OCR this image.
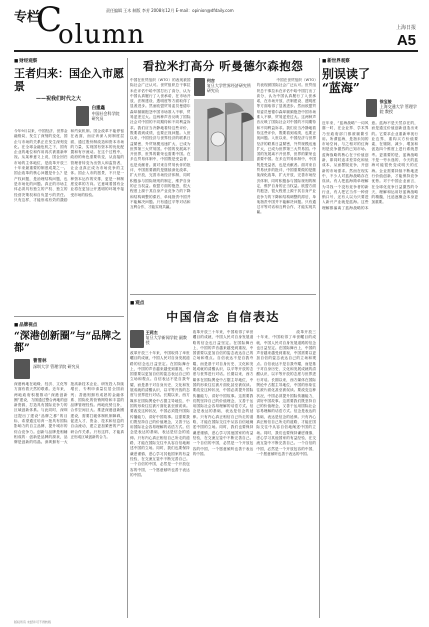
专栏
C
olumn
责任编辑 王木 制版 李芳 2008年12月 E-mail：opinion@dfdaily.com
上海日报
A5
■ 财经观察
王者归来：国企入市愿景
——祝我们时代之大
白重鑫
中国社会科学院 研究员
今年9月以来，中国经济、世界金融格局，发生了深刻的变化，国企与市场的关系正在发生深刻变化。在全球金融危机之下，国有企业的地位和作用再次被重新审视。从某种意义上说，国企回归市场的主体地位，是改革开放三十年来最重要的制度成果之一。国企改革的核心问题是什么？是产权问题，是治理结构问题，也是市场化的问题。真正的市场主体必须具有独立的产权、独立的经营决策权和自负盈亏的责任。只有这样，才能形成有效的激励和约束机制。国企改革不能停留在表面，而应该深入到制度层面，通过股份制改造和资本市场的力量，实现国有资本的优化配置和有序流动。在这个过程中，政府的角色需要转变，从直接的管理者转变为出资人和监管者，让企业真正成为市场竞争的主体。国企入市的愿景，不只是一种资本运作的安排，更是一种制度变革的方向。它意味着国有企业将在更加公开透明的环境中接受市场的检验。
看拉米打高分 听曼德尔森抱怨
中国在世贸组织（WTO）的表现被国际社会广泛认可。世贸组织总干事拉米在评估中给中国打出了高分，认为中国认真履行了入世承诺，在市场开放、法制建设、透明度等方面取得了显著进步。然而欧盟贸易委员曼德尔森却频频抱怨中国市场准入不够，贸易逆差过大。这两种声音反映了国际社会对中国的不同期待和不同利益诉求。我们应当冷静地看待这些评价，既要看到成绩，也要正视问题。入世以来，中国经济与世界经济的联系日益紧密，外贸规模迅速扩大，已成为世界第三大贸易国。中国的发展离不开世界，世界的繁荣也需要中国。在多边贸易体制中，中国既是受益者，也是贡献者。面对来自贸易伙伴的批评，中国需要做的是继续深化改革，扩大开放，完善市场经济体制，同时积极参与国际规则的制定，维护自身的正当权益。欧盟方面的抱怨，很大程度上源于其自身产业竞争力的下降和结构调整的滞后，单纯指责中国并不能解决问题。只有通过平等对话和互利合作，才能实现共赢。
何吉
复旦大学世界经济研究所 研究员
中国在世贸组织（WTO）的表现被国际社会广泛认可。世贸组织总干事拉米在评估中给中国打出了高分，认为中国认真履行了入世承诺，在市场开放、法制建设、透明度等方面取得了显著进步。然而欧盟贸易委员曼德尔森却频频抱怨中国市场准入不够，贸易逆差过大。这两种声音反映了国际社会对中国的不同期待和不同利益诉求。我们应当冷静地看待这些评价，既要看到成绩，也要正视问题。入世以来，中国经济与世界经济的联系日益紧密，外贸规模迅速扩大，已成为世界第三大贸易国。中国的发展离不开世界，世界的繁荣也需要中国。在多边贸易体制中，中国既是受益者，也是贡献者。面对来自贸易伙伴的批评，中国需要做的是继续深化改革，扩大开放，完善市场经济体制，同时积极参与国际规则的制定，维护自身的正当权益。欧盟方面的抱怨，很大程度上源于其自身产业竞争力的下降和结构调整的滞后，单纯指责中国并不能解决问题。只有通过平等对话和互利合作，才能实现共赢。
■ 新世界观察
别误读了
“蓝海”
徐宝骏
上海交通大学 管理学院 教授
近年来，“蓝海战略”一词风靡一时，在企业界、学术界乃至政府部门都被频繁引用。所谓蓝海，是指未知的市场空间，与之相对的红海则是竞争激烈的已知市场。蓝海战略的核心在于价值创新，即同时追求差异化和低成本，从而摆脱竞争，开创新的市场需求。然而在现实中，不少人对蓝海战略存在误读。有人把蓝海简单理解为寻找一个没有竞争者的新行业，有人把它当作一种营销口号，还有人以为只要进入新兴产业就是蓝海。这些理解都偏离了蓝海战略的本意。蓝海不是天然存在的，而是通过价值创新创造出来的。它要求企业重新审视行业边界，重构买方价值要素，在剔除、减少、增加和创造四个维度上进行系统思考。更重要的是，蓝海战略不是一劳永逸的，今天的蓝海可能很快变成明天的红海。企业需要持续不断地进行价值创新，才能保持竞争优势。对于中国企业而言，在全球化竞争日益激烈的今天，理解和运用好蓝海战略的精髓，比追逐概念本身更加重要。
■ 观点
中国信念 自信表达
王莉杰
复旦大学新闻学院 副教授
改革开放三十年来，中国取得了举世瞩目的成就，中国人民对自身发展道路的信念也日益坚定。在国际舞台上，中国的声音越来越受到重视，中国需要以更加自信的姿态表达自己的立场和观点。自信表达不是自我夸耀，而是基于对自身历史、文化和发展成就的清醒认识，以平等开放的态度与世界进行对话。长期以来，西方媒体在国际舆论中占据主导地位，中国的形象往往被片面化甚至被误读。要改变这种状况，中国必须提升国际传播能力，讲好中国故事。这需要我们既坚持自己的价值理念，又善于运用国际社会容易理解的话语方式。信念是表达的基础，表达是信念的延伸。只有内心真正相信自己所走的道路，才能在国际交往中从容自信地阐述中国的立场。同时，我们也要保持谦虚谨慎，虚心学习其他国家的有益经验，在交流互鉴中不断完善自己。一个自信的中国，必然是一个开放包容的中国，一个愿意倾听也善于表达的中国。
改革开放三十年来，中国取得了举世瞩目的成就，中国人民对自身发展道路的信念也日益坚定。在国际舞台上，中国的声音越来越受到重视，中国需要以更加自信的姿态表达自己的立场和观点。自信表达不是自我夸耀，而是基于对自身历史、文化和发展成就的清醒认识，以平等开放的态度与世界进行对话。长期以来，西方媒体在国际舆论中占据主导地位，中国的形象往往被片面化甚至被误读。要改变这种状况，中国必须提升国际传播能力，讲好中国故事。这需要我们既坚持自己的价值理念，又善于运用国际社会容易理解的话语方式。信念是表达的基础，表达是信念的延伸。只有内心真正相信自己所走的道路，才能在国际交往中从容自信地阐述中国的立场。同时，我们也要保持谦虚谨慎，虚心学习其他国家的有益经验，在交流互鉴中不断完善自己。一个自信的中国，必然是一个开放包容的中国，一个愿意倾听也善于表达的中国。
改革开放三十年来，中国取得了举世瞩目的成就，中国人民对自身发展道路的信念也日益坚定。在国际舞台上，中国的声音越来越受到重视，中国需要以更加自信的姿态表达自己的立场和观点。自信表达不是自我夸耀，而是基于对自身历史、文化和发展成就的清醒认识，以平等开放的态度与世界进行对话。长期以来，西方媒体在国际舆论中占据主导地位，中国的形象往往被片面化甚至被误读。要改变这种状况，中国必须提升国际传播能力，讲好中国故事。这需要我们既坚持自己的价值理念，又善于运用国际社会容易理解的话语方式。信念是表达的基础，表达是信念的延伸。只有内心真正相信自己所走的道路，才能在国际交往中从容自信地阐述中国的立场。同时，我们也要保持谦虚谨慎，虚心学习其他国家的有益经验，在交流互鉴中不断完善自己。一个自信的中国，必然是一个开放包容的中国，一个愿意倾听也善于表达的中国。
■ 品牌视点
“深港创新圈”与“品牌之都”
曹雪林
深圳大学 管理学院 研究员
深港两地在地缘、经济、文化等方面有着天然的联系。近年来，两地政府积极推动“深港创新圈”建设，力图通过整合两地的创新资源，打造具有国际竞争力的区域创新体系。与此同时，深圳还提出了建设“品牌之都”的目标，希望通过培育一批具有国际影响力的自主品牌，提升城市的综合竞争力。创新与品牌是相辅相成的：创新是品牌的源泉，品牌是创新的结晶。深圳拥有一大批高新技术企业，研发投入持续增长，专利申请量位居全国前列；香港则拥有成熟的金融体系、国际化的营销网络和丰富的品牌管理经验。两地优势互补，合作空间巨大。推进深港创新圈建设，需要打破体制机制障碍，促进人才、资金、技术和信息的自由流动，建立更加紧密的产学研合作关系。只有这样，才能真正形成区域创新的合力。
版权所有 未经许可不得转载
